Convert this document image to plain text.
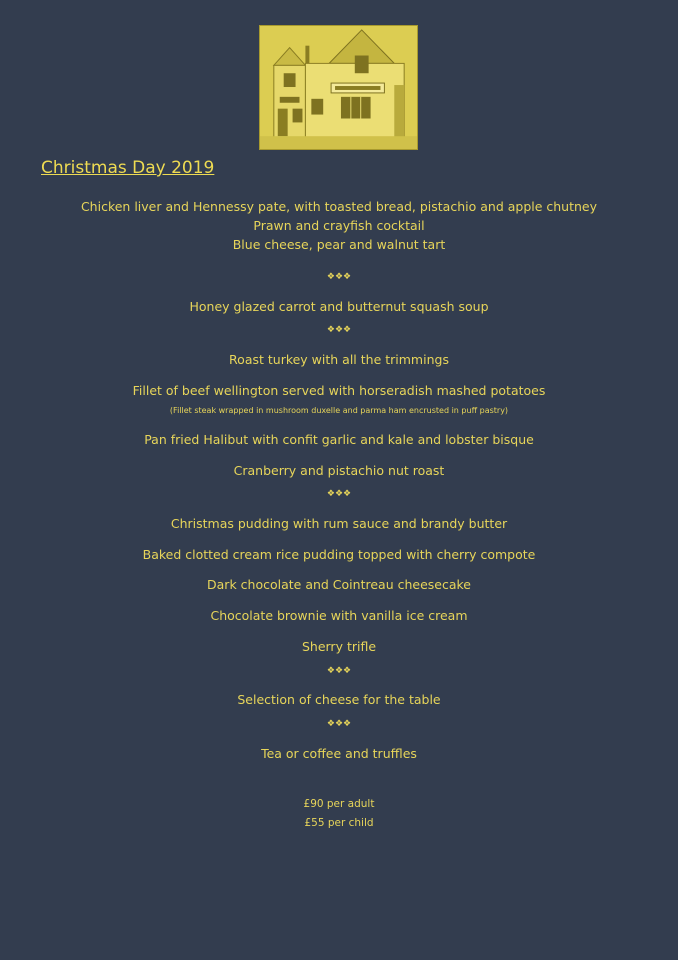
Christmas Day 2019
Chicken liver and Hennessy pate, with toasted bread, pistachio and apple chutney
Prawn and crayfish cocktail
Blue cheese, pear and walnut tart
❖❖❖
Honey glazed carrot and butternut squash soup
❖❖❖
Roast turkey with all the trimmings
Fillet of beef wellington served with horseradish mashed potatoes
(Fillet steak wrapped in mushroom duxelle and parma ham encrusted in puff pastry)
Pan fried Halibut with confit garlic and kale and lobster bisque
Cranberry and pistachio nut roast
❖❖❖
Christmas pudding with rum sauce and brandy butter
Baked clotted cream rice pudding topped with cherry compote
Dark chocolate and Cointreau cheesecake
Chocolate brownie with vanilla ice cream
Sherry trifle
❖❖❖
Selection of cheese for the table
❖❖❖
Tea or coffee and truffles
£90 per adult
£55 per child
